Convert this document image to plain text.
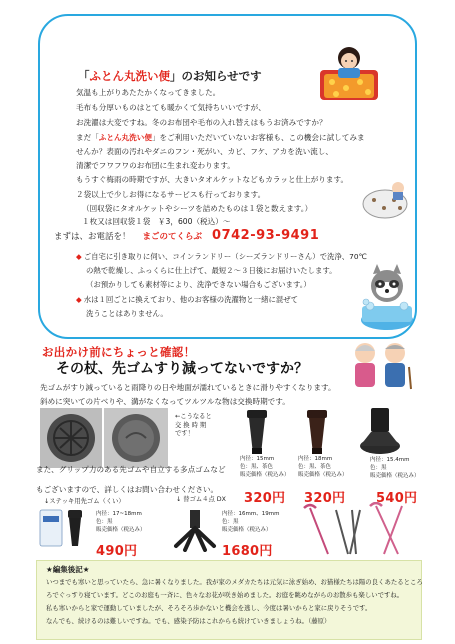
「ふとん丸洗い便」のお知らせです
気温も上がりあたたかくなってきました。
毛布も分厚いものはとても暖かくて気持ちいいですが、
お洗濯は大変ですね。冬のお布団や毛布の入れ替えはもうお済みですか？
まだ「ふとん丸洗い便」をご利用いただいていないお客様も、この機会に試してみま
せんか？表面の汚れやダニのフン・死がい、カビ、フケ、アカを洗い流し、
清潔でフワフワのお布団に生まれ変わります。
もうすぐ梅雨の時期ですが、大きいタオルケットなどもカラッと仕上がります。
２袋以上で少しお得になるサービスも行っております。
（回収袋にタオルケットやシーツを詰めたものは１袋と数えます。）
１枚又は回収袋１袋　￥3，600（税込）～
まずは、お電話を！ まごのてくらぶ 0742-93-9491
◆ ご自宅に引き取りに伺い、コインランドリー（シーズランドリーさん）で洗浄、70℃
の熱で乾燥し、ふっくらに仕上げて、最短２～３日後にお届けいたします。
（お預かりしても素材等により、洗浄できない場合もございます。）
◆ 水は１回ごとに換えており、他のお客様の洗濯物と一緒に混ぜて
洗うことはありません。
お出かけ前にちょっと確認！
その杖、先ゴムすり減ってないですか？
先ゴムがすり減っていると雨降りの日や地面が濡れているときに滑りやすくなります。
斜めに突いての片べりや、溝がなくなってツルツルな物は交換時期です。
←こうなると
交 換 時 期
です！
内径：15mm
色：黒、茶色
販売価格（税込み）
320円
内径：18mm
色：黒、茶色
販売価格（税込み）
320円
内径：15.4mm
色：黒
販売価格（税込み）
540円
また、グリップ力のある先ゴムや自立する多点ゴムなど
もございますので、詳しくはお問い合わせください。
↓ステッキ用先ゴム（くい）	↓ 替ゴム４点 DX
内径：17~18mm
色：黒
販売価格（税込み）
490円
内径：16mm、19mm
色：黒
販売価格（税込み）
1680円
★編集後記★
いつまでも寒いと思っていたら、急に暑くなりました。我が家のメダカたちは元気に泳ぎ始め、お猫様たちは陽の良くあたるところ
ろでぐっすり寝ています。どこのお庭も一斉に、色々なお花が咲き始めました。お庭を眺めながらのお散歩も楽しいですね。
私も寒いからと家で運動していましたが、そろそろ歩かないと機会を逃し、今度は暑いからと家に戻りそうです。
なんでも、続けるのは難しいですね。でも、感染予防はこれからも続けていきましょうね。（藤原）
